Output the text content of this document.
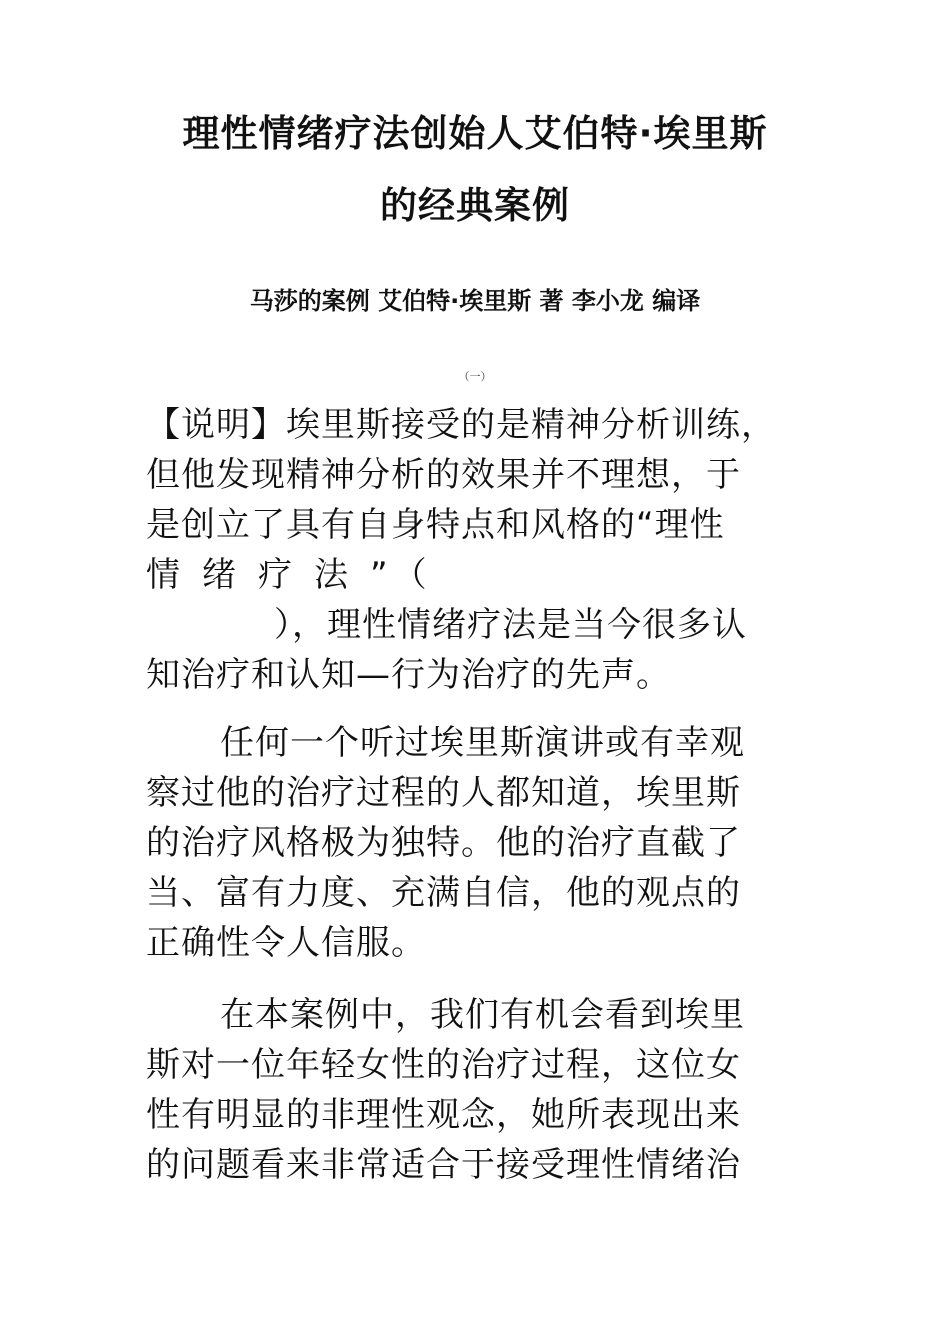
理性情绪疗法创始人艾伯特·埃里斯
的经典案例
马莎的案例 艾伯特·埃里斯 著 李小龙 编译
（一）
【说明】埃里斯接受的是精神分析训练，
但他发现精神分析的效果并不理想，于
是创立了具有自身特点和风格的“理性
情绪疗法”（
），理性情绪疗法是当今很多认
知治疗和认知—行为治疗的先声。
任何一个听过埃里斯演讲或有幸观
察过他的治疗过程的人都知道，埃里斯
的治疗风格极为独特。他的治疗直截了
当、富有力度、充满自信，他的观点的
正确性令人信服。
在本案例中，我们有机会看到埃里
斯对一位年轻女性的治疗过程，这位女
性有明显的非理性观念，她所表现出来
的问题看来非常适合于接受理性情绪治
